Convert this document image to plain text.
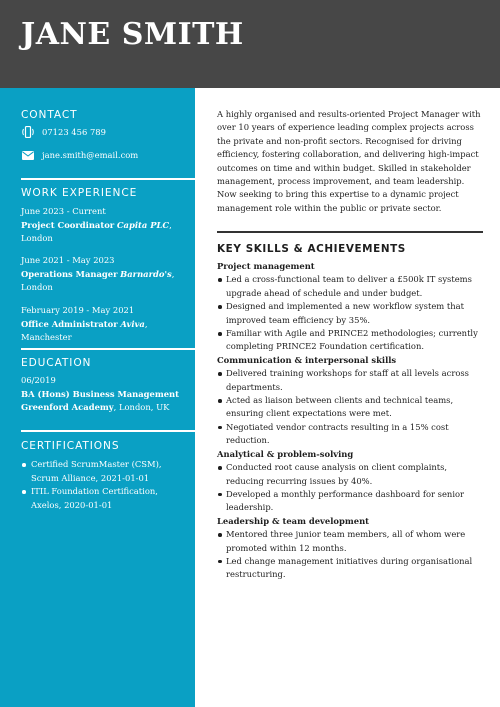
JANE SMITH
CONTACT
07123 456 789
jane.smith@email.com
WORK EXPERIENCE
June 2023 - Current
Project Coordinator Capita PLC, London
June 2021 - May 2023
Operations Manager Barnardo's, London
February 2019 - May 2021
Office Administrator Aviva, Manchester
EDUCATION
06/2019
BA (Hons) Business Management
Greenford Academy, London, UK
CERTIFICATIONS
Certified ScrumMaster (CSM), Scrum Alliance, 2021-01-01
ITIL Foundation Certification, Axelos, 2020-01-01

A highly organised and results-oriented Project Manager with over 10 years of experience leading complex projects across the private and non-profit sectors. Recognised for driving efficiency, fostering collaboration, and delivering high-impact outcomes on time and within budget. Skilled in stakeholder management, process improvement, and team leadership. Now seeking to bring this expertise to a dynamic project management role within the public or private sector.

KEY SKILLS & ACHIEVEMENTS

Project management

Led a cross-functional team to deliver a £500k IT systems upgrade ahead of schedule and under budget.
Designed and implemented a new workflow system that improved team efficiency by 35%.
Familiar with Agile and PRINCE2 methodologies; currently completing PRINCE2 Foundation certification.

Communication & interpersonal skills

Delivered training workshops for staff at all levels across departments.
Acted as liaison between clients and technical teams, ensuring client expectations were met.
Negotiated vendor contracts resulting in a 15% cost reduction.

Analytical & problem-solving

Conducted root cause analysis on client complaints, reducing recurring issues by 40%.
Developed a monthly performance dashboard for senior leadership.

Leadership & team development

Mentored three junior team members, all of whom were promoted within 12 months.
Led change management initiatives during organisational restructuring.
